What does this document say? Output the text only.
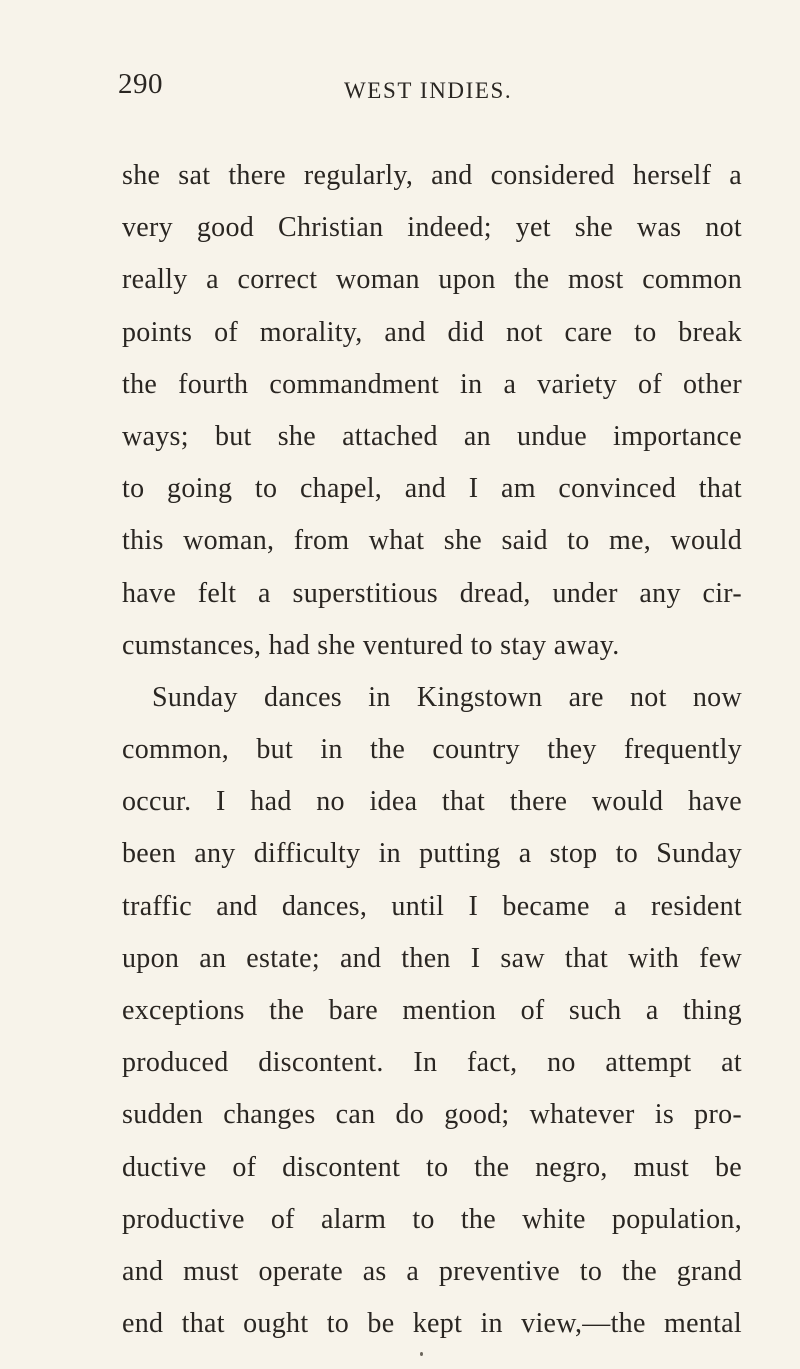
290	WEST INDIES.
she sat there regularly, and considered herself a
very good Christian indeed; yet she was not
really a correct woman upon the most common
points of morality, and did not care to break
the fourth commandment in a variety of other
ways; but she attached an undue importance
to going to chapel, and I am convinced that
this woman, from what she said to me, would
have felt a superstitious dread, under any cir-
cumstances, had she ventured to stay away.
Sunday dances in Kingstown are not now
common, but in the country they frequently
occur. I had no idea that there would have
been any difficulty in putting a stop to Sunday
traffic and dances, until I became a resident
upon an estate; and then I saw that with few
exceptions the bare mention of such a thing
produced discontent. In fact, no attempt at
sudden changes can do good; whatever is pro-
ductive of discontent to the negro, must be
productive of alarm to the white population,
and must operate as a preventive to the grand
end that ought to be kept in view,—the mental
